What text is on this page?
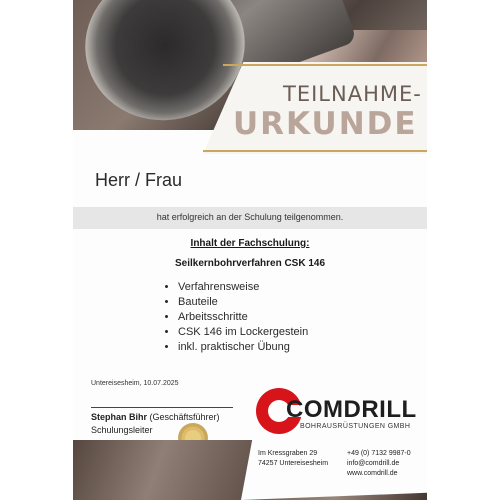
TEILNAHME-
URKUNDE
Herr / Frau
hat erfolgreich an der Schulung teilgenommen.
Inhalt der Fachschulung:
Seilkernbohrverfahren CSK 146
• Verfahrensweise
• Bauteile
• Arbeitsschritte
• CSK 146 im Lockergestein
• inkl. praktischer Übung
Untereisesheim, 10.07.2025
Stephan Bihr (Geschäftsführer)
Schulungsleiter
COMDRILL
BOHRAUSRÜSTUNGEN GMBH
Im Kressgraben 29
74257 Untereisesheim
+49 (0) 7132 9987-0
info@comdrill.de
www.comdrill.de
